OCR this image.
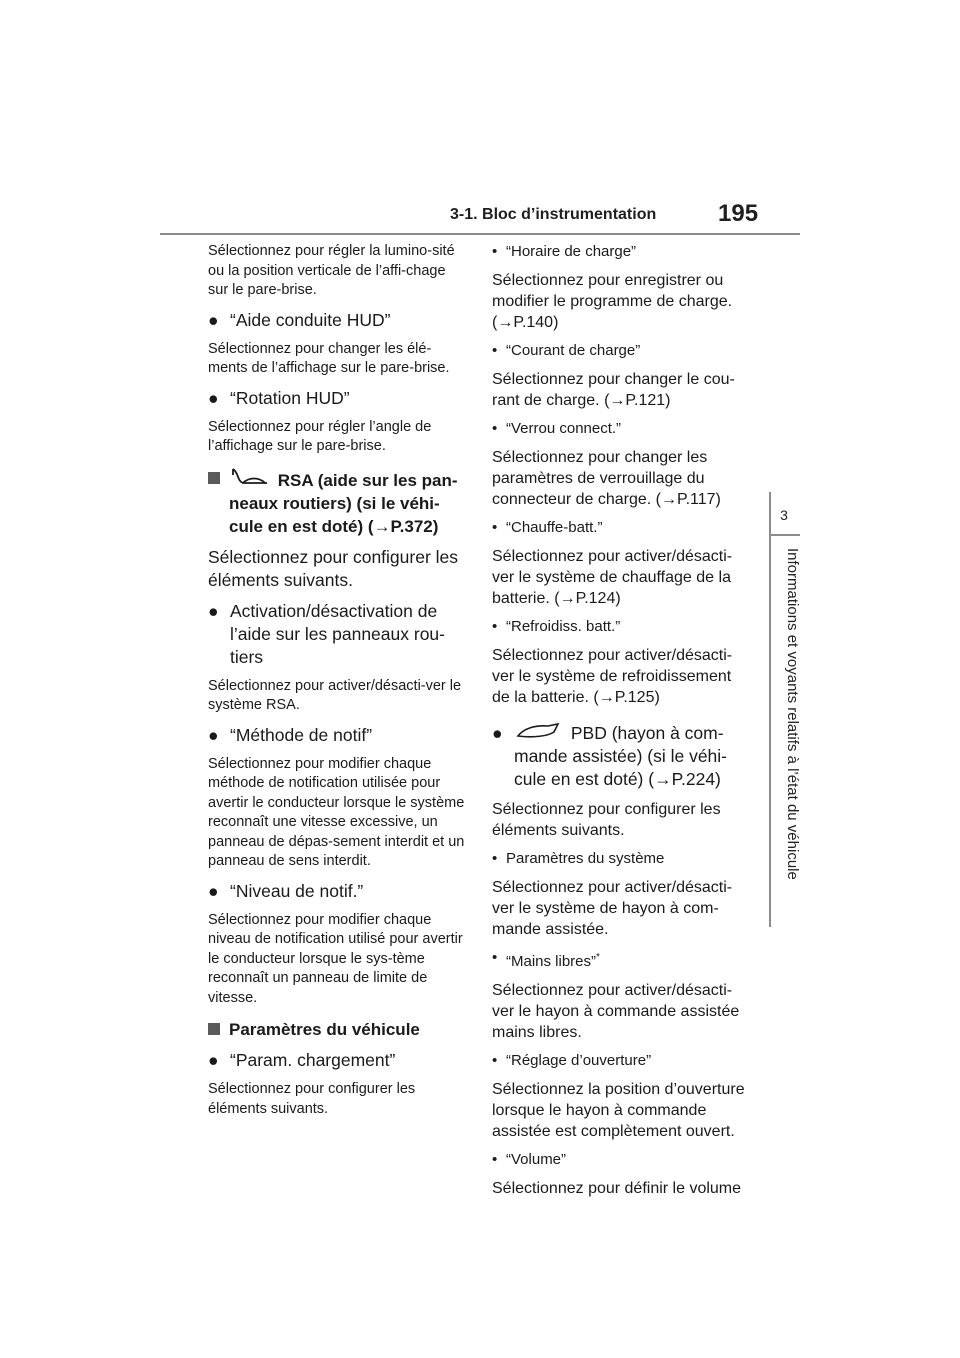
3-1. Bloc d’instrumentation	195
3
Informations et voyants relatifs à l’état du véhicule

Sélectionnez pour régler la lumino-sité ou la position verticale de l’affi-chage sur le pare-brise.

● “Aide conduite HUD”

Sélectionnez pour changer les élé-ments de l’affichage sur le pare-brise.

● “Rotation HUD”

Sélectionnez pour régler l’angle de l’affichage sur le pare-brise.

RSA (aide sur les pan-neaux routiers) (si le véhi-cule en est doté) (→P.372)

Sélectionnez pour configurer les éléments suivants.

● Activation/désactivation de l’aide sur les panneaux rou-tiers

Sélectionnez pour activer/désacti-ver le système RSA.

● “Méthode de notif”

Sélectionnez pour modifier chaque méthode de notification utilisée pour avertir le conducteur lorsque le système reconnaît une vitesse excessive, un panneau de dépas-sement interdit et un panneau de sens interdit.

● “Niveau de notif.”

Sélectionnez pour modifier chaque niveau de notification utilisé pour avertir le conducteur lorsque le sys-tème reconnaît un panneau de limite de vitesse.

Paramètres du véhicule
● “Param. chargement”

Sélectionnez pour configurer les éléments suivants.

• “Horaire de charge”

Sélectionnez pour enregistrer ou modifier le programme de charge. (→P.140)

• “Courant de charge”

Sélectionnez pour changer le cou-rant de charge. (→P.121)

• “Verrou connect.”

Sélectionnez pour changer les paramètres de verrouillage du connecteur de charge. (→P.117)

• “Chauffe-batt.”

Sélectionnez pour activer/désacti-ver le système de chauffage de la batterie. (→P.124)

• “Refroidiss. batt.”

Sélectionnez pour activer/désacti-ver le système de refroidissement de la batterie. (→P.125)

●	PBD (hayon à com-mande assistée) (si le véhi-cule en est doté) (→P.224)

Sélectionnez pour configurer les éléments suivants.

• Paramètres du système

Sélectionnez pour activer/désacti-ver le système de hayon à com-mande assistée.

• “Mains libres”*

Sélectionnez pour activer/désacti-ver le hayon à commande assistée mains libres.

• “Réglage d’ouverture”

Sélectionnez la position d’ouverture lorsque le hayon à commande assistée est complètement ouvert.

• “Volume”

Sélectionnez pour définir le volume
